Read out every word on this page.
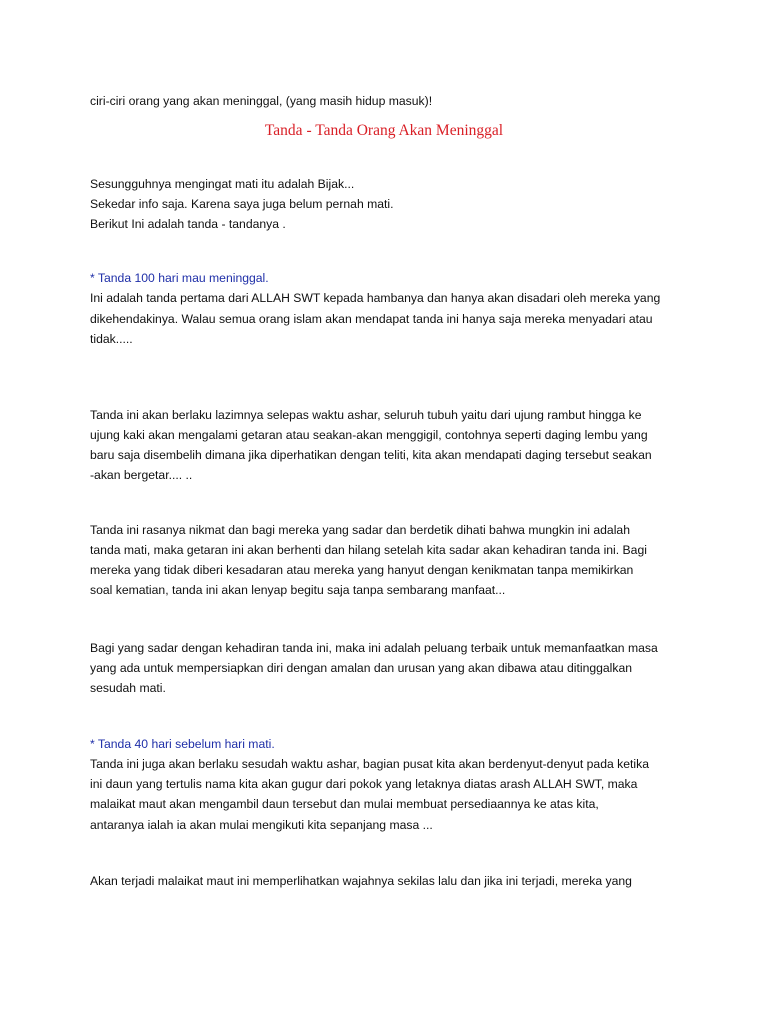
ciri-ciri orang yang akan meninggal, (yang masih hidup masuk)!

Tanda - Tanda Orang Akan Meninggal

Sesungguhnya mengingat mati itu adalah Bijak...

Sekedar info saja. Karena saya juga belum pernah mati.

Berikut Ini adalah tanda - tandanya .

* Tanda 100 hari mau meninggal.

Ini adalah tanda pertama dari ALLAH SWT kepada hambanya dan hanya akan disadari oleh mereka yang

dikehendakinya. Walau semua orang islam akan mendapat tanda ini hanya saja mereka menyadari atau

tidak.....

Tanda ini akan berlaku lazimnya selepas waktu ashar, seluruh tubuh yaitu dari ujung rambut hingga ke

ujung kaki akan mengalami getaran atau seakan-akan menggigil, contohnya seperti daging lembu yang

baru saja disembelih dimana jika diperhatikan dengan teliti, kita akan mendapati daging tersebut seakan

-akan bergetar.... ..

Tanda ini rasanya nikmat dan bagi mereka yang sadar dan berdetik dihati bahwa mungkin ini adalah

tanda mati, maka getaran ini akan berhenti dan hilang setelah kita sadar akan kehadiran tanda ini. Bagi

mereka yang tidak diberi kesadaran atau mereka yang hanyut dengan kenikmatan tanpa memikirkan

soal kematian, tanda ini akan lenyap begitu saja tanpa sembarang manfaat...

Bagi yang sadar dengan kehadiran tanda ini, maka ini adalah peluang terbaik untuk memanfaatkan masa

yang ada untuk mempersiapkan diri dengan amalan dan urusan yang akan dibawa atau ditinggalkan

sesudah mati.

* Tanda 40 hari sebelum hari mati.

Tanda ini juga akan berlaku sesudah waktu ashar, bagian pusat kita akan berdenyut-denyut pada ketika

ini daun yang tertulis nama kita akan gugur dari pokok yang letaknya diatas arash ALLAH SWT, maka

malaikat maut akan mengambil daun tersebut dan mulai membuat persediaannya ke atas kita,

antaranya ialah ia akan mulai mengikuti kita sepanjang masa ...

Akan terjadi malaikat maut ini memperlihatkan wajahnya sekilas lalu dan jika ini terjadi, mereka yang
